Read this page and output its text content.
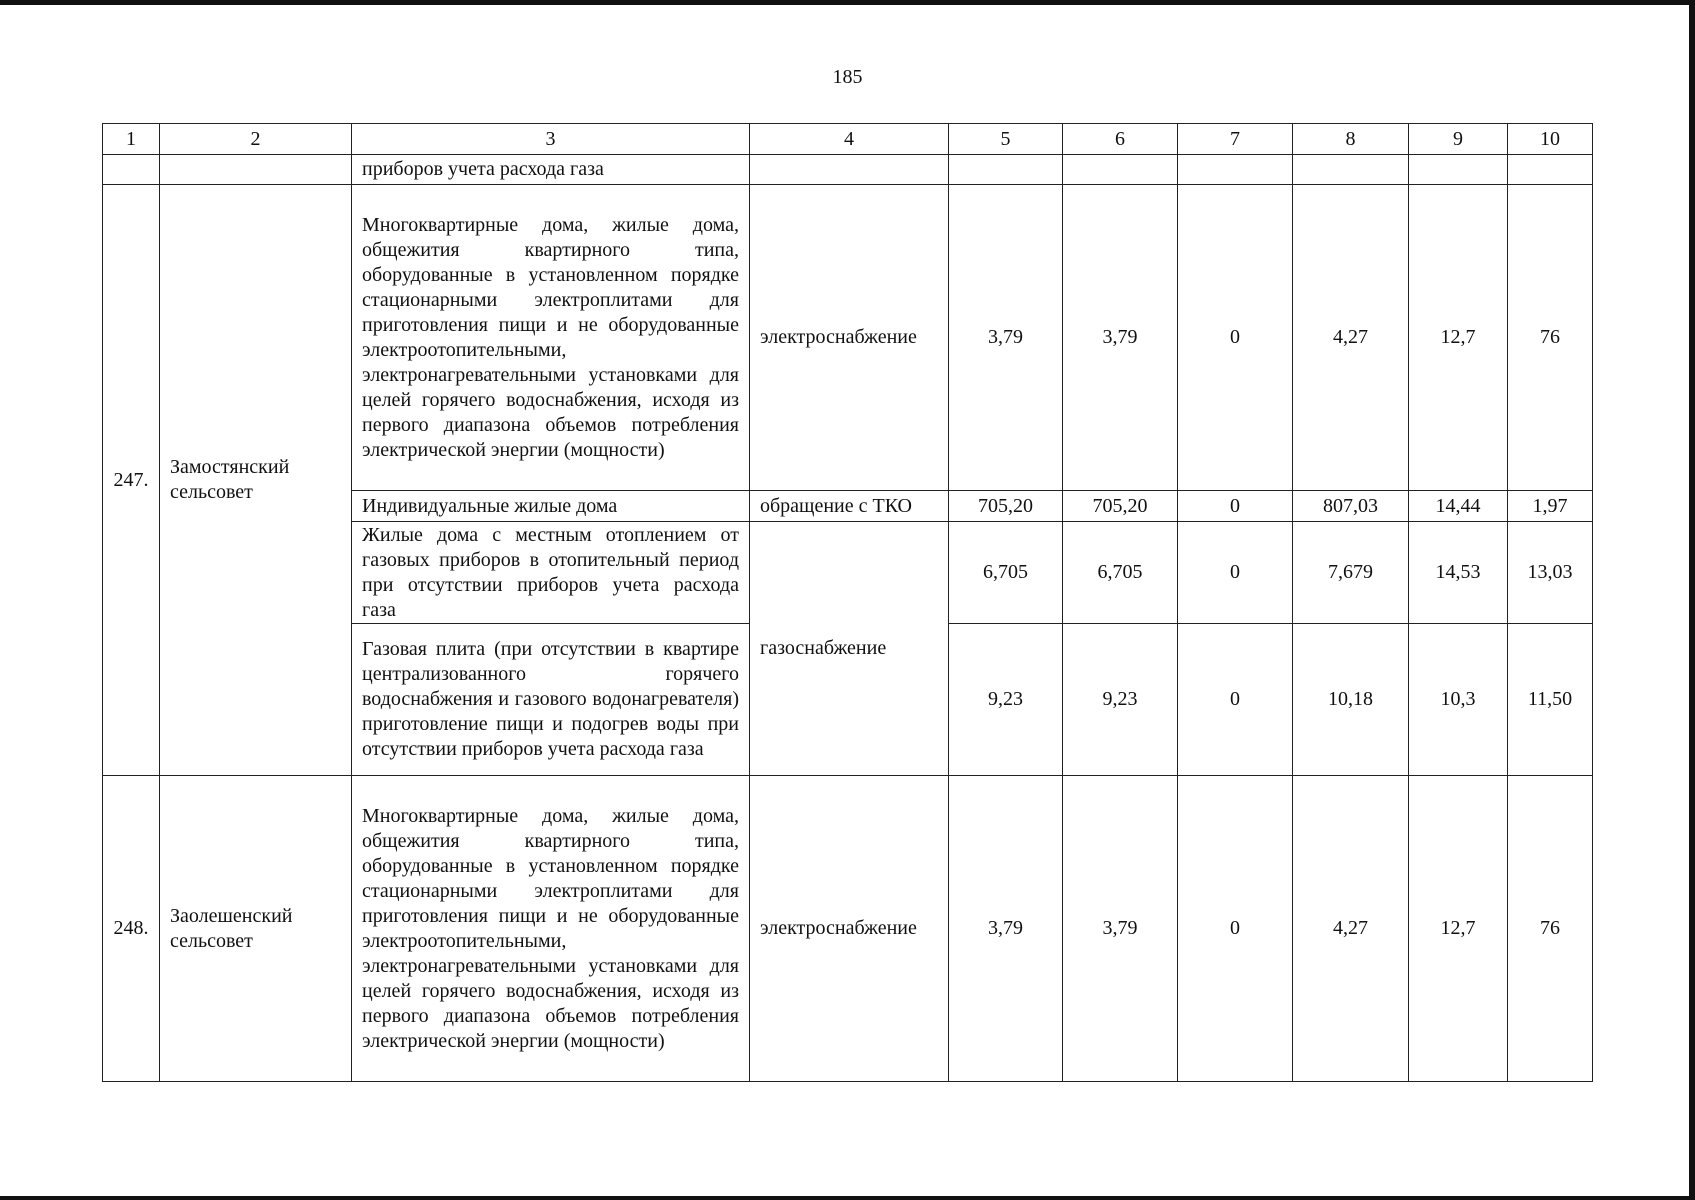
185
1	2	3	4	5	6	7	8	9	10
		приборов учета расхода газа							
247.	Замостянский сельсовет	Многоквартирные дома, жилые дома, общежития квартирного типа, оборудованные в установленном порядке стационарными электроплитами для приготовления пищи и не оборудованные электроотопительными, электронагревательными установками для целей горячего водоснабжения, исходя из первого диапазона объемов потребления электрической энергии (мощности)	электроснабжение	3,79	3,79	0	4,27	12,7	76
		Индивидуальные жилые дома	обращение с ТКО	705,20	705,20	0	807,03	14,44	1,97
		Жилые дома с местным отоплением от газовых приборов в отопительный период при отсутствии приборов учета расхода газа	газоснабжение	6,705	6,705	0	7,679	14,53	13,03
		Газовая плита (при отсутствии в квартире централизованного горячего водоснабжения и газового водонагревателя) приготовление пищи и подогрев воды при отсутствии приборов учета расхода газа		9,23	9,23	0	10,18	10,3	11,50
248.	Заолешенский сельсовет	Многоквартирные дома, жилые дома, общежития квартирного типа, оборудованные в установленном порядке стационарными электроплитами для приготовления пищи и не оборудованные электроотопительными, электронагревательными установками для целей горячего водоснабжения, исходя из первого диапазона объемов потребления электрической энергии (мощности)	электроснабжение	3,79	3,79	0	4,27	12,7	76
